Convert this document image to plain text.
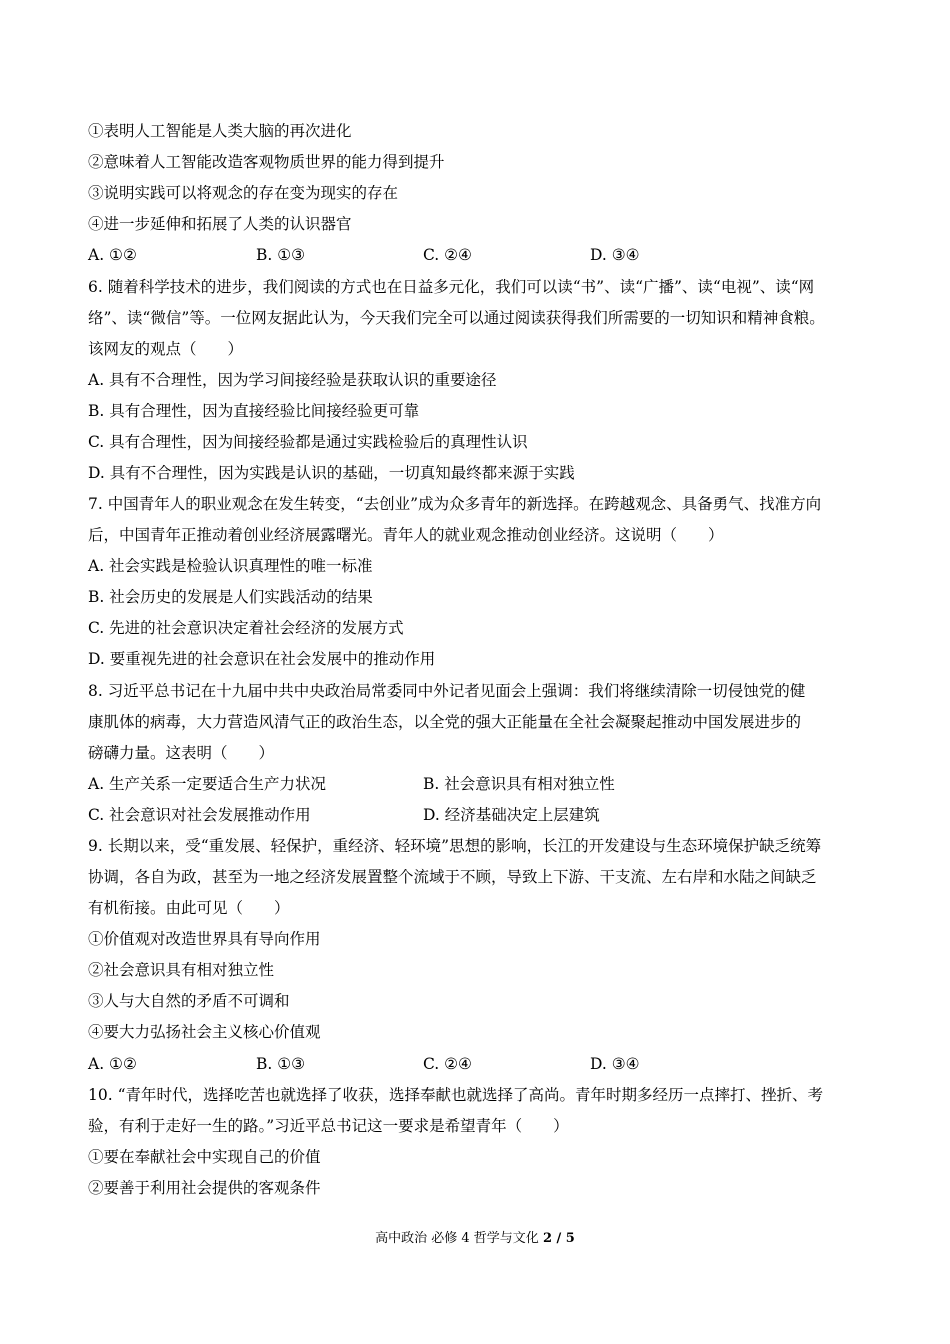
①表明人工智能是人类大脑的再次进化
②意味着人工智能改造客观物质世界的能力得到提升
③说明实践可以将观念的存在变为现实的存在
④进一步延伸和拓展了人类的认识器官
A. ①②	B. ①③	C. ②④	D. ③④
6. 随着科学技术的进步，我们阅读的方式也在日益多元化，我们可以读“书”、读“广播”、读“电视”、读“网
络”、读“微信”等。一位网友据此认为，今天我们完全可以通过阅读获得我们所需要的一切知识和精神食粮。
该网友的观点（　　）
A. 具有不合理性，因为学习间接经验是获取认识的重要途径
B. 具有合理性，因为直接经验比间接经验更可靠
C. 具有合理性，因为间接经验都是通过实践检验后的真理性认识
D. 具有不合理性，因为实践是认识的基础，一切真知最终都来源于实践
7. 中国青年人的职业观念在发生转变，“去创业”成为众多青年的新选择。在跨越观念、具备勇气、找准方向
后，中国青年正推动着创业经济展露曙光。青年人的就业观念推动创业经济。这说明（　　）
A. 社会实践是检验认识真理性的唯一标准
B. 社会历史的发展是人们实践活动的结果
C. 先进的社会意识决定着社会经济的发展方式
D. 要重视先进的社会意识在社会发展中的推动作用
8. 习近平总书记在十九届中共中央政治局常委同中外记者见面会上强调：我们将继续清除一切侵蚀党的健
康肌体的病毒，大力营造风清气正的政治生态，以全党的强大正能量在全社会凝聚起推动中国发展进步的
磅礴力量。这表明（　　）
A. 生产关系一定要适合生产力状况	B. 社会意识具有相对独立性
C. 社会意识对社会发展推动作用	D. 经济基础决定上层建筑
9. 长期以来，受“重发展、轻保护，重经济、轻环境”思想的影响，长江的开发建设与生态环境保护缺乏统筹
协调，各自为政，甚至为一地之经济发展置整个流域于不顾，导致上下游、干支流、左右岸和水陆之间缺乏
有机衔接。由此可见（　　）
①价值观对改造世界具有导向作用
②社会意识具有相对独立性
③人与大自然的矛盾不可调和
④要大力弘扬社会主义核心价值观
A. ①②	B. ①③	C. ②④	D. ③④
10. “青年时代，选择吃苦也就选择了收获，选择奉献也就选择了高尚。青年时期多经历一点摔打、挫折、考
验，有利于走好一生的路。”习近平总书记这一要求是希望青年（　　）
①要在奉献社会中实现自己的价值
②要善于利用社会提供的客观条件
高中政治 必修 4 哲学与文化 2 / 5
